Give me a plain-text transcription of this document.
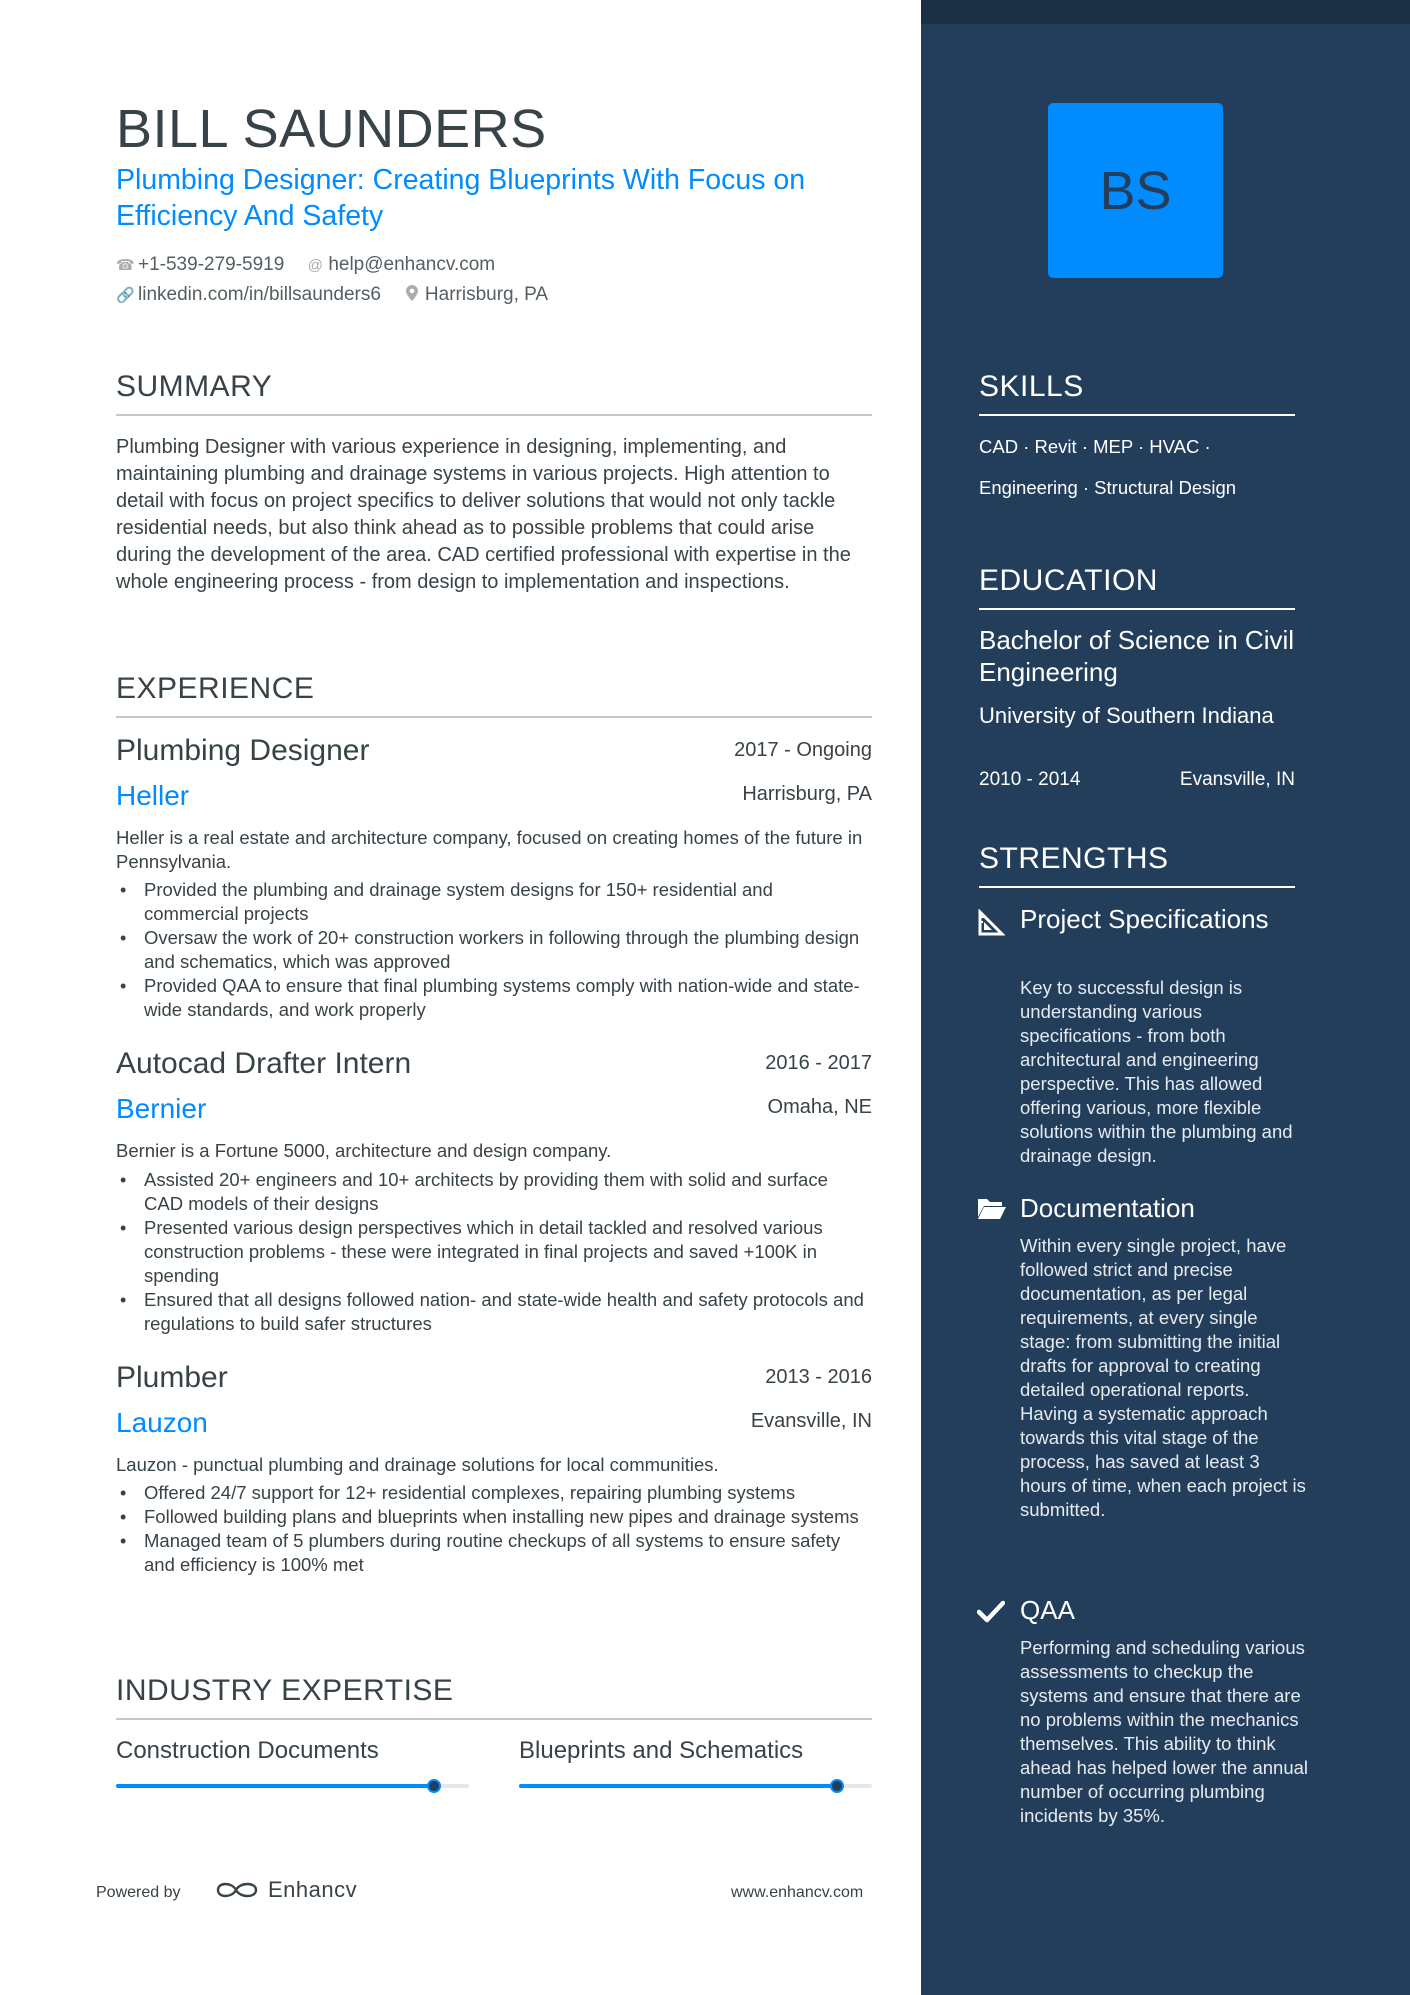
BILL SAUNDERS
Plumbing Designer: Creating Blueprints With Focus on Efficiency And Safety
☎ +1-539-279-5919 @ help@enhancv.com
🔗 linkedin.com/in/billsaunders6 Harrisburg, PA
SUMMARY
Plumbing Designer with various experience in designing, implementing, and maintaining plumbing and drainage systems in various projects. High attention to detail with focus on project specifics to deliver solutions that would not only tackle residential needs, but also think ahead as to possible problems that could arise during the development of the area. CAD certified professional with expertise in the whole engineering process - from design to implementation and inspections.
EXPERIENCE
Plumbing Designer	2017 - Ongoing
Heller	Harrisburg, PA
Heller is a real estate and architecture company, focused on creating homes of the future in Pennsylvania.
• Provided the plumbing and drainage system designs for 150+ residential and commercial projects
• Oversaw the work of 20+ construction workers in following through the plumbing design and schematics, which was approved
• Provided QAA to ensure that final plumbing systems comply with nation-wide and state-wide standards, and work properly
Autocad Drafter Intern	2016 - 2017
Bernier	Omaha, NE
Bernier is a Fortune 5000, architecture and design company.
• Assisted 20+ engineers and 10+ architects by providing them with solid and surface CAD models of their designs
• Presented various design perspectives which in detail tackled and resolved various construction problems - these were integrated in final projects and saved +100K in spending
• Ensured that all designs followed nation- and state-wide health and safety protocols and regulations to build safer structures
Plumber	2013 - 2016
Lauzon	Evansville, IN
Lauzon - punctual plumbing and drainage solutions for local communities.
• Offered 24/7 support for 12+ residential complexes, repairing plumbing systems
• Followed building plans and blueprints when installing new pipes and drainage systems
• Managed team of 5 plumbers during routine checkups of all systems to ensure safety and efficiency is 100% met
INDUSTRY EXPERTISE
Construction Documents	Blueprints and Schematics
Powered by	Enhancv	www.enhancv.com
BS
SKILLS
CAD · Revit · MEP · HVAC ·
Engineering · Structural Design
EDUCATION
Bachelor of Science in Civil Engineering
University of Southern Indiana
2010 - 2014	Evansville, IN
STRENGTHS
Project Specifications
Key to successful design is understanding various specifications - from both architectural and engineering perspective. This has allowed offering various, more flexible solutions within the plumbing and drainage design.
Documentation
Within every single project, have followed strict and precise documentation, as per legal requirements, at every single stage: from submitting the initial drafts for approval to creating detailed operational reports. Having a systematic approach towards this vital stage of the process, has saved at least 3 hours of time, when each project is submitted.
QAA
Performing and scheduling various assessments to checkup the systems and ensure that there are no problems within the mechanics themselves. This ability to think ahead has helped lower the annual number of occurring plumbing incidents by 35%.
